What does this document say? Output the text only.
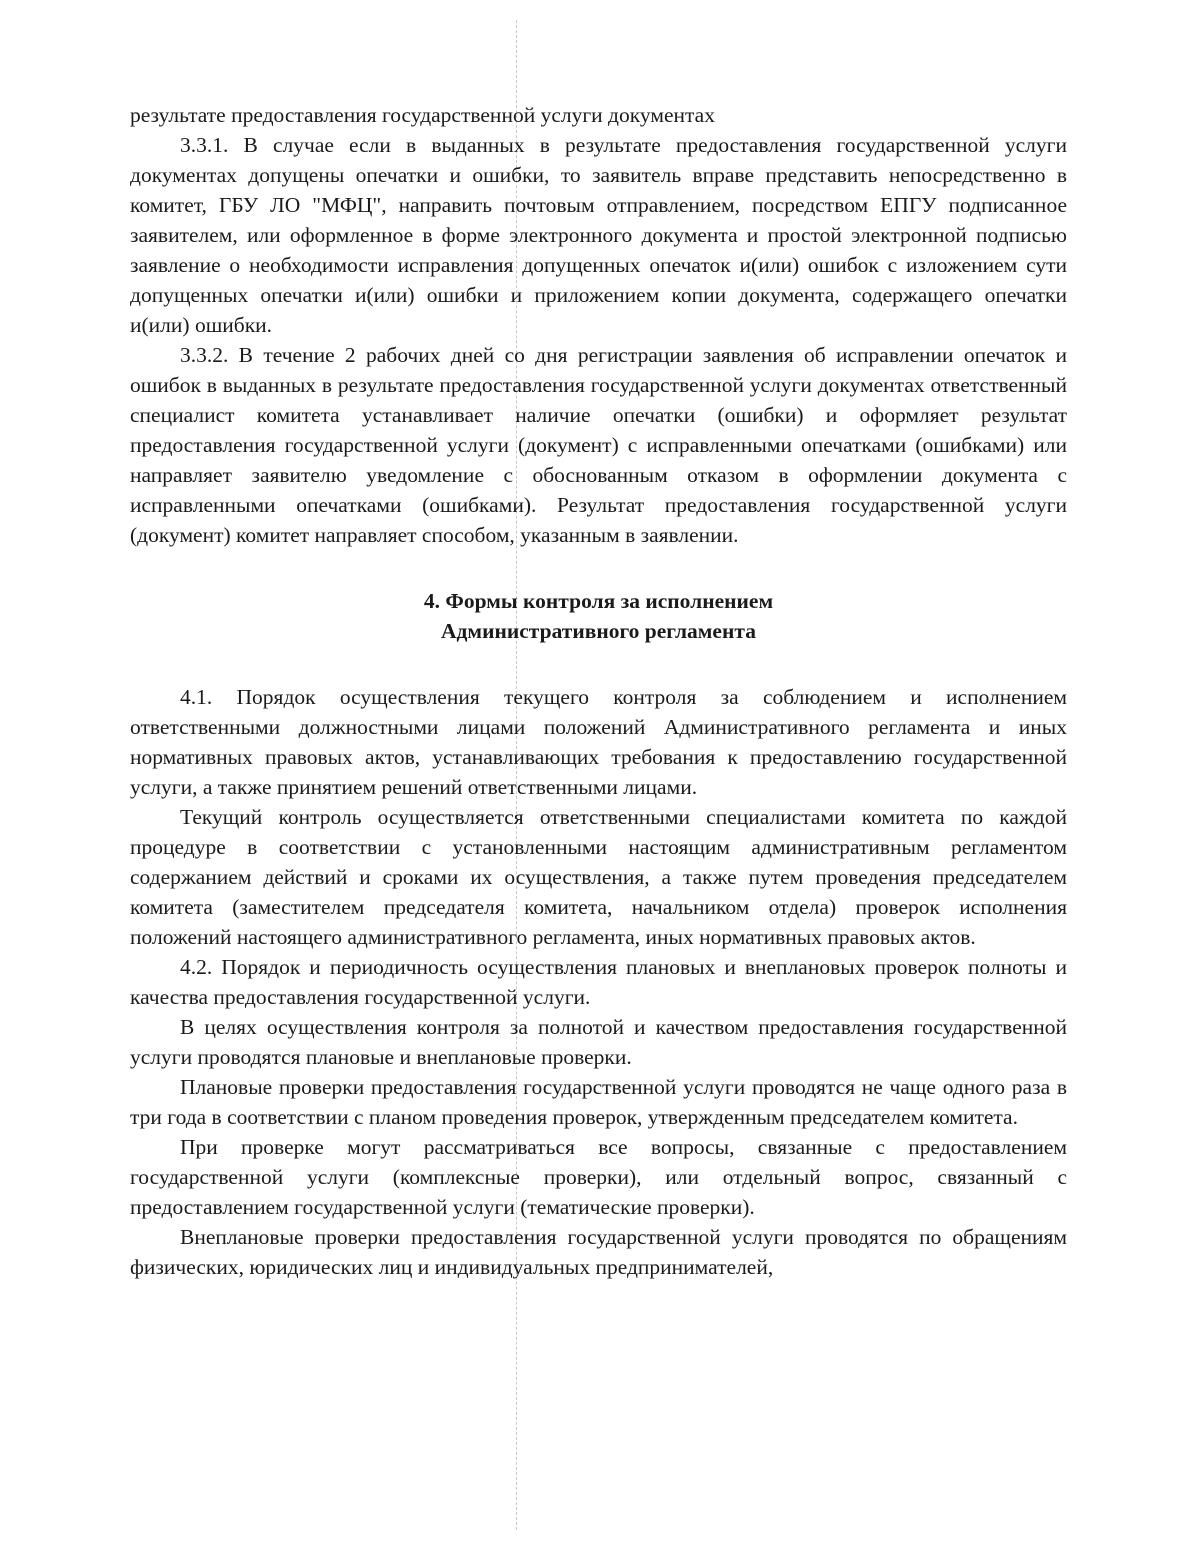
результате предоставления государственной услуги документах

3.3.1. В случае если в выданных в результате предоставления государственной услуги документах допущены опечатки и ошибки, то заявитель вправе представить непосредственно в комитет, ГБУ ЛО "МФЦ", направить почтовым отправлением, посредством ЕПГУ подписанное заявителем, или оформленное в форме электронного документа и простой электронной подписью заявление о необходимости исправления допущенных опечаток и(или) ошибок с изложением сути допущенных опечатки и(или) ошибки и приложением копии документа, содержащего опечатки и(или) ошибки.

3.3.2. В течение 2 рабочих дней со дня регистрации заявления об исправлении опечаток и ошибок в выданных в результате предоставления государственной услуги документах ответственный специалист комитета устанавливает наличие опечатки (ошибки) и оформляет результат предоставления государственной услуги (документ) с исправленными опечатками (ошибками) или направляет заявителю уведомление с обоснованным отказом в оформлении документа с исправленными опечатками (ошибками). Результат предоставления государственной услуги (документ) комитет направляет способом, указанным в заявлении.

4. Формы контроля за исполнением
Административного регламента

4.1. Порядок осуществления текущего контроля за соблюдением и исполнением ответственными должностными лицами положений Административного регламента и иных нормативных правовых актов, устанавливающих требования к предоставлению государственной услуги, а также принятием решений ответственными лицами.

Текущий контроль осуществляется ответственными специалистами комитета по каждой процедуре в соответствии с установленными настоящим административным регламентом содержанием действий и сроками их осуществления, а также путем проведения председателем комитета (заместителем председателя комитета, начальником отдела) проверок исполнения положений настоящего административного регламента, иных нормативных правовых актов.

4.2. Порядок и периодичность осуществления плановых и внеплановых проверок полноты и качества предоставления государственной услуги.

В целях осуществления контроля за полнотой и качеством предоставления государственной услуги проводятся плановые и внеплановые проверки.

Плановые проверки предоставления государственной услуги проводятся не чаще одного раза в три года в соответствии с планом проведения проверок, утвержденным председателем комитета.

При проверке могут рассматриваться все вопросы, связанные с предоставлением государственной услуги (комплексные проверки), или отдельный вопрос, связанный с предоставлением государственной услуги (тематические проверки).

Внеплановые проверки предоставления государственной услуги проводятся по обращениям физических, юридических лиц и индивидуальных предпринимателей,
